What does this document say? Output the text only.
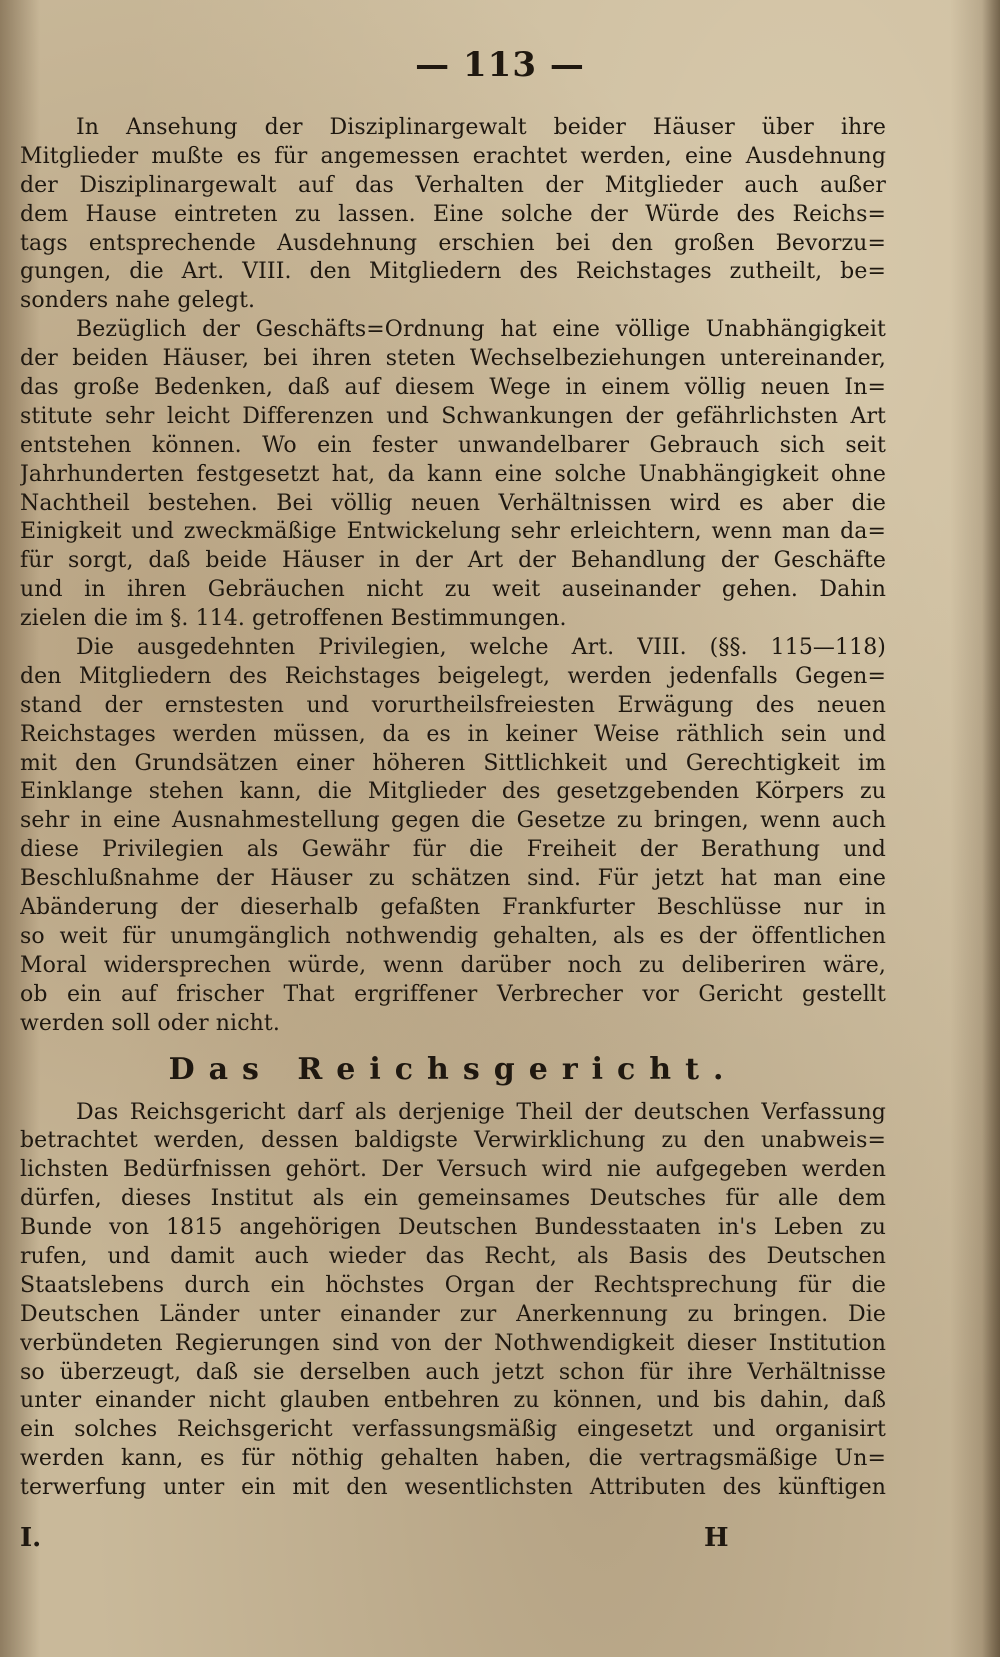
— 113 —
In Ansehung der Disziplinargewalt beider Häuser über ihre
Mitglieder mußte es für angemessen erachtet werden, eine Ausdehnung
der Disziplinargewalt auf das Verhalten der Mitglieder auch außer
dem Hause eintreten zu lassen. Eine solche der Würde des Reichs=
tags entsprechende Ausdehnung erschien bei den großen Bevorzu=
gungen, die Art. VIII. den Mitgliedern des Reichstages zutheilt, be=
sonders nahe gelegt.
Bezüglich der Geschäfts=Ordnung hat eine völlige Unabhängigkeit
der beiden Häuser, bei ihren steten Wechselbeziehungen untereinander,
das große Bedenken, daß auf diesem Wege in einem völlig neuen In=
stitute sehr leicht Differenzen und Schwankungen der gefährlichsten Art
entstehen können. Wo ein fester unwandelbarer Gebrauch sich seit
Jahrhunderten festgesetzt hat, da kann eine solche Unabhängigkeit ohne
Nachtheil bestehen. Bei völlig neuen Verhältnissen wird es aber die
Einigkeit und zweckmäßige Entwickelung sehr erleichtern, wenn man da=
für sorgt, daß beide Häuser in der Art der Behandlung der Geschäfte
und in ihren Gebräuchen nicht zu weit auseinander gehen. Dahin
zielen die im §. 114. getroffenen Bestimmungen.
Die ausgedehnten Privilegien, welche Art. VIII. (§§. 115—118)
den Mitgliedern des Reichstages beigelegt, werden jedenfalls Gegen=
stand der ernstesten und vorurtheilsfreiesten Erwägung des neuen
Reichstages werden müssen, da es in keiner Weise räthlich sein und
mit den Grundsätzen einer höheren Sittlichkeit und Gerechtigkeit im
Einklange stehen kann, die Mitglieder des gesetzgebenden Körpers zu
sehr in eine Ausnahmestellung gegen die Gesetze zu bringen, wenn auch
diese Privilegien als Gewähr für die Freiheit der Berathung und
Beschlußnahme der Häuser zu schätzen sind. Für jetzt hat man eine
Abänderung der dieserhalb gefaßten Frankfurter Beschlüsse nur in
so weit für unumgänglich nothwendig gehalten, als es der öffentlichen
Moral widersprechen würde, wenn darüber noch zu deliberiren wäre,
ob ein auf frischer That ergriffener Verbrecher vor Gericht gestellt
werden soll oder nicht.
Das Reichsgericht.
Das Reichsgericht darf als derjenige Theil der deutschen Verfassung
betrachtet werden, dessen baldigste Verwirklichung zu den unabweis=
lichsten Bedürfnissen gehört. Der Versuch wird nie aufgegeben werden
dürfen, dieses Institut als ein gemeinsames Deutsches für alle dem
Bunde von 1815 angehörigen Deutschen Bundesstaaten in's Leben zu
rufen, und damit auch wieder das Recht, als Basis des Deutschen
Staatslebens durch ein höchstes Organ der Rechtsprechung für die
Deutschen Länder unter einander zur Anerkennung zu bringen. Die
verbündeten Regierungen sind von der Nothwendigkeit dieser Institution
so überzeugt, daß sie derselben auch jetzt schon für ihre Verhältnisse
unter einander nicht glauben entbehren zu können, und bis dahin, daß
ein solches Reichsgericht verfassungsmäßig eingesetzt und organisirt
werden kann, es für nöthig gehalten haben, die vertragsmäßige Un=
terwerfung unter ein mit den wesentlichsten Attributen des künftigen
I.	H
